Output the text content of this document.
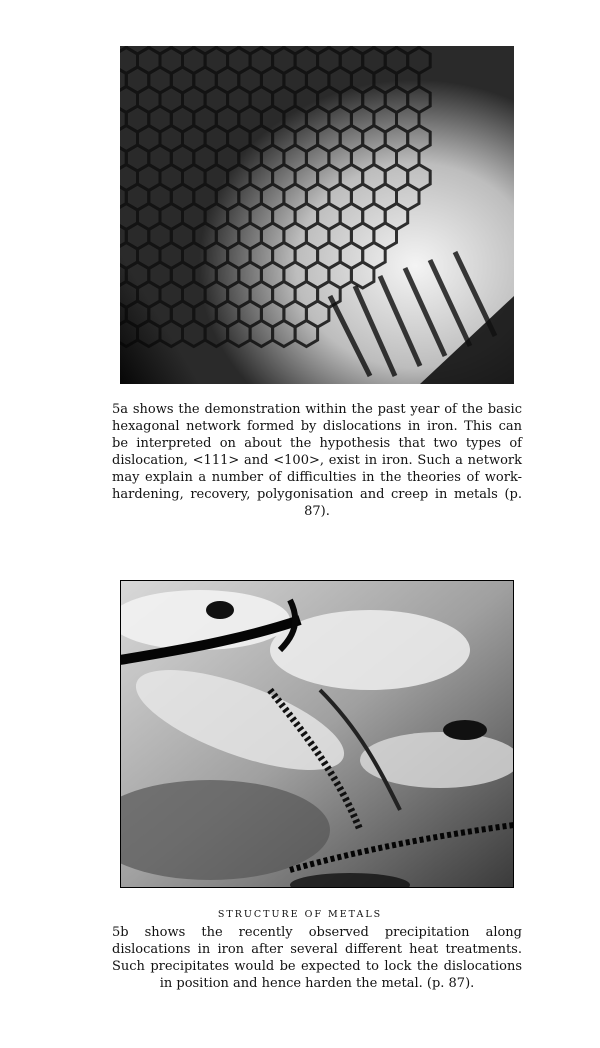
5a shows the demonstration within the past year of the basic hexagonal network formed by dislocations in iron. This can be interpreted on about the hypothesis that two types of dislocation, <111> and <100>, exist in iron. Such a network may explain a number of difficulties in the theories of work-hardening, recovery, polygonisation and creep in metals (p. 87).

STRUCTURE OF METALS

5b shows the recently observed precipitation along dislocations in iron after several different heat treatments. Such precipitates would be expected to lock the dislocations in position and hence harden the metal. (p. 87).
